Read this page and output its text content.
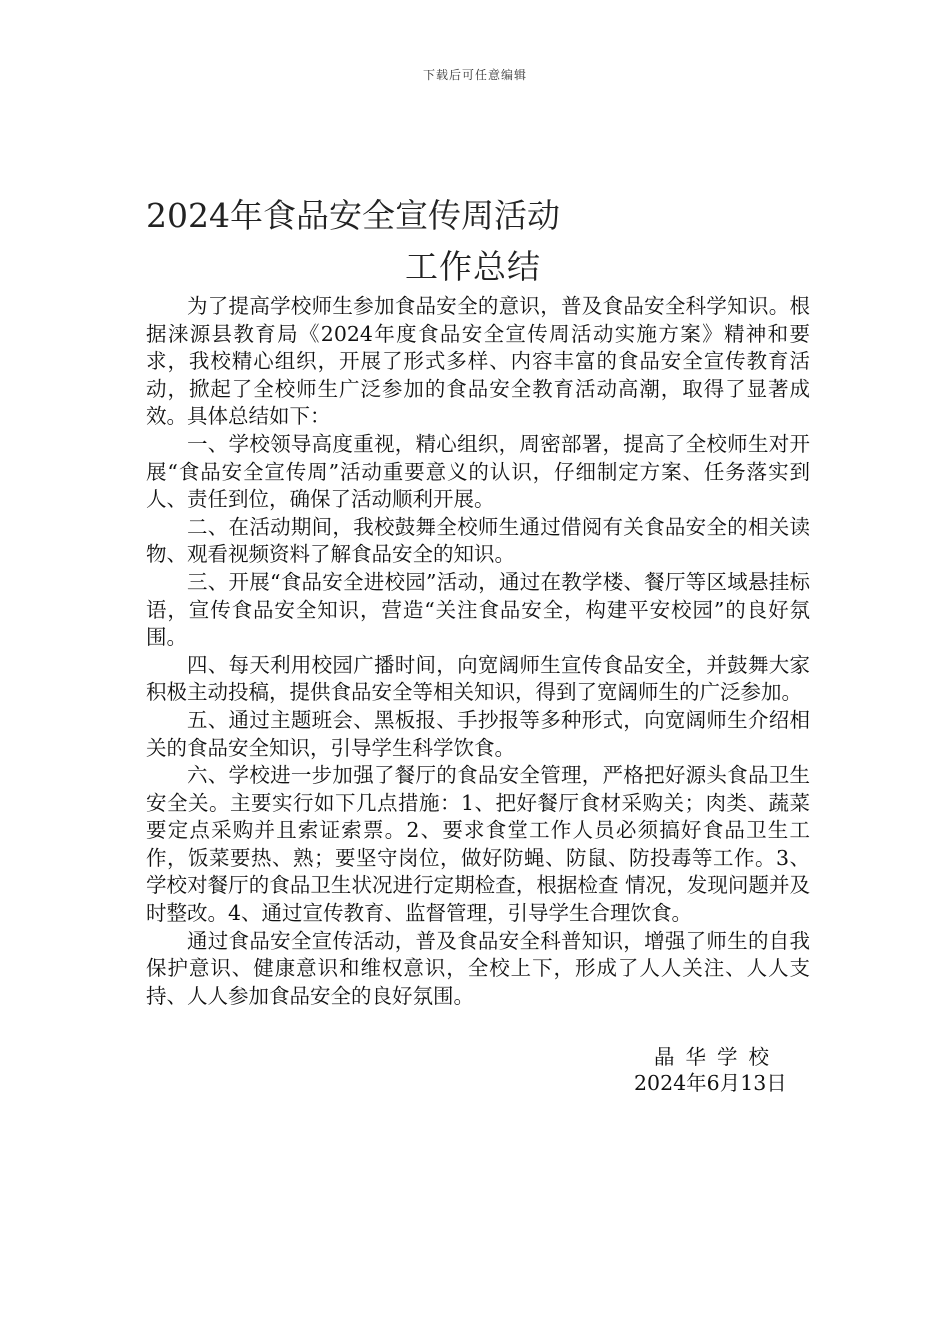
下载后可任意编辑
2024年食品安全宣传周活动
工作总结

为了提高学校师生参加食品安全的意识，普及食品安全科学知识。根据涞源县教育局《2024年度食品安全宣传周活动实施方案》精神和要求，我校精心组织，开展了形式多样、内容丰富的食品安全宣传教育活动，掀起了全校师生广泛参加的食品安全教育活动高潮，取得了显著成效。具体总结如下：

一、学校领导高度重视，精心组织，周密部署，提高了全校师生对开展“食品安全宣传周”活动重要意义的认识，仔细制定方案、任务落实到人、责任到位，确保了活动顺利开展。

二、在活动期间，我校鼓舞全校师生通过借阅有关食品安全的相关读物、观看视频资料了解食品安全的知识。

三、开展“食品安全进校园”活动，通过在教学楼、餐厅等区域悬挂标语，宣传食品安全知识，营造“关注食品安全，构建平安校园”的良好氛围。

四、每天利用校园广播时间，向宽阔师生宣传食品安全，并鼓舞大家积极主动投稿，提供食品安全等相关知识，得到了宽阔师生的广泛参加。

五、通过主题班会、黑板报、手抄报等多种形式，向宽阔师生介绍相关的食品安全知识，引导学生科学饮食。

六、学校进一步加强了餐厅的食品安全管理，严格把好源头食品卫生安全关。主要实行如下几点措施：1、把好餐厅食材采购关；肉类、蔬菜要定点采购并且索证索票。2、要求食堂工作人员必须搞好食品卫生工作，饭菜要热、熟；要坚守岗位，做好防蝇、防鼠、防投毒等工作。3、学校对餐厅的食品卫生状况进行定期检查，根据检查 情况，发现问题并及时整改。4、通过宣传教育、监督管理，引导学生合理饮食。

通过食品安全宣传活动，普及食品安全科普知识，增强了师生的自我保护意识、健康意识和维权意识，全校上下，形成了人人关注、人人支持、人人参加食品安全的良好氛围。

晶华学校
2024年6月13日
